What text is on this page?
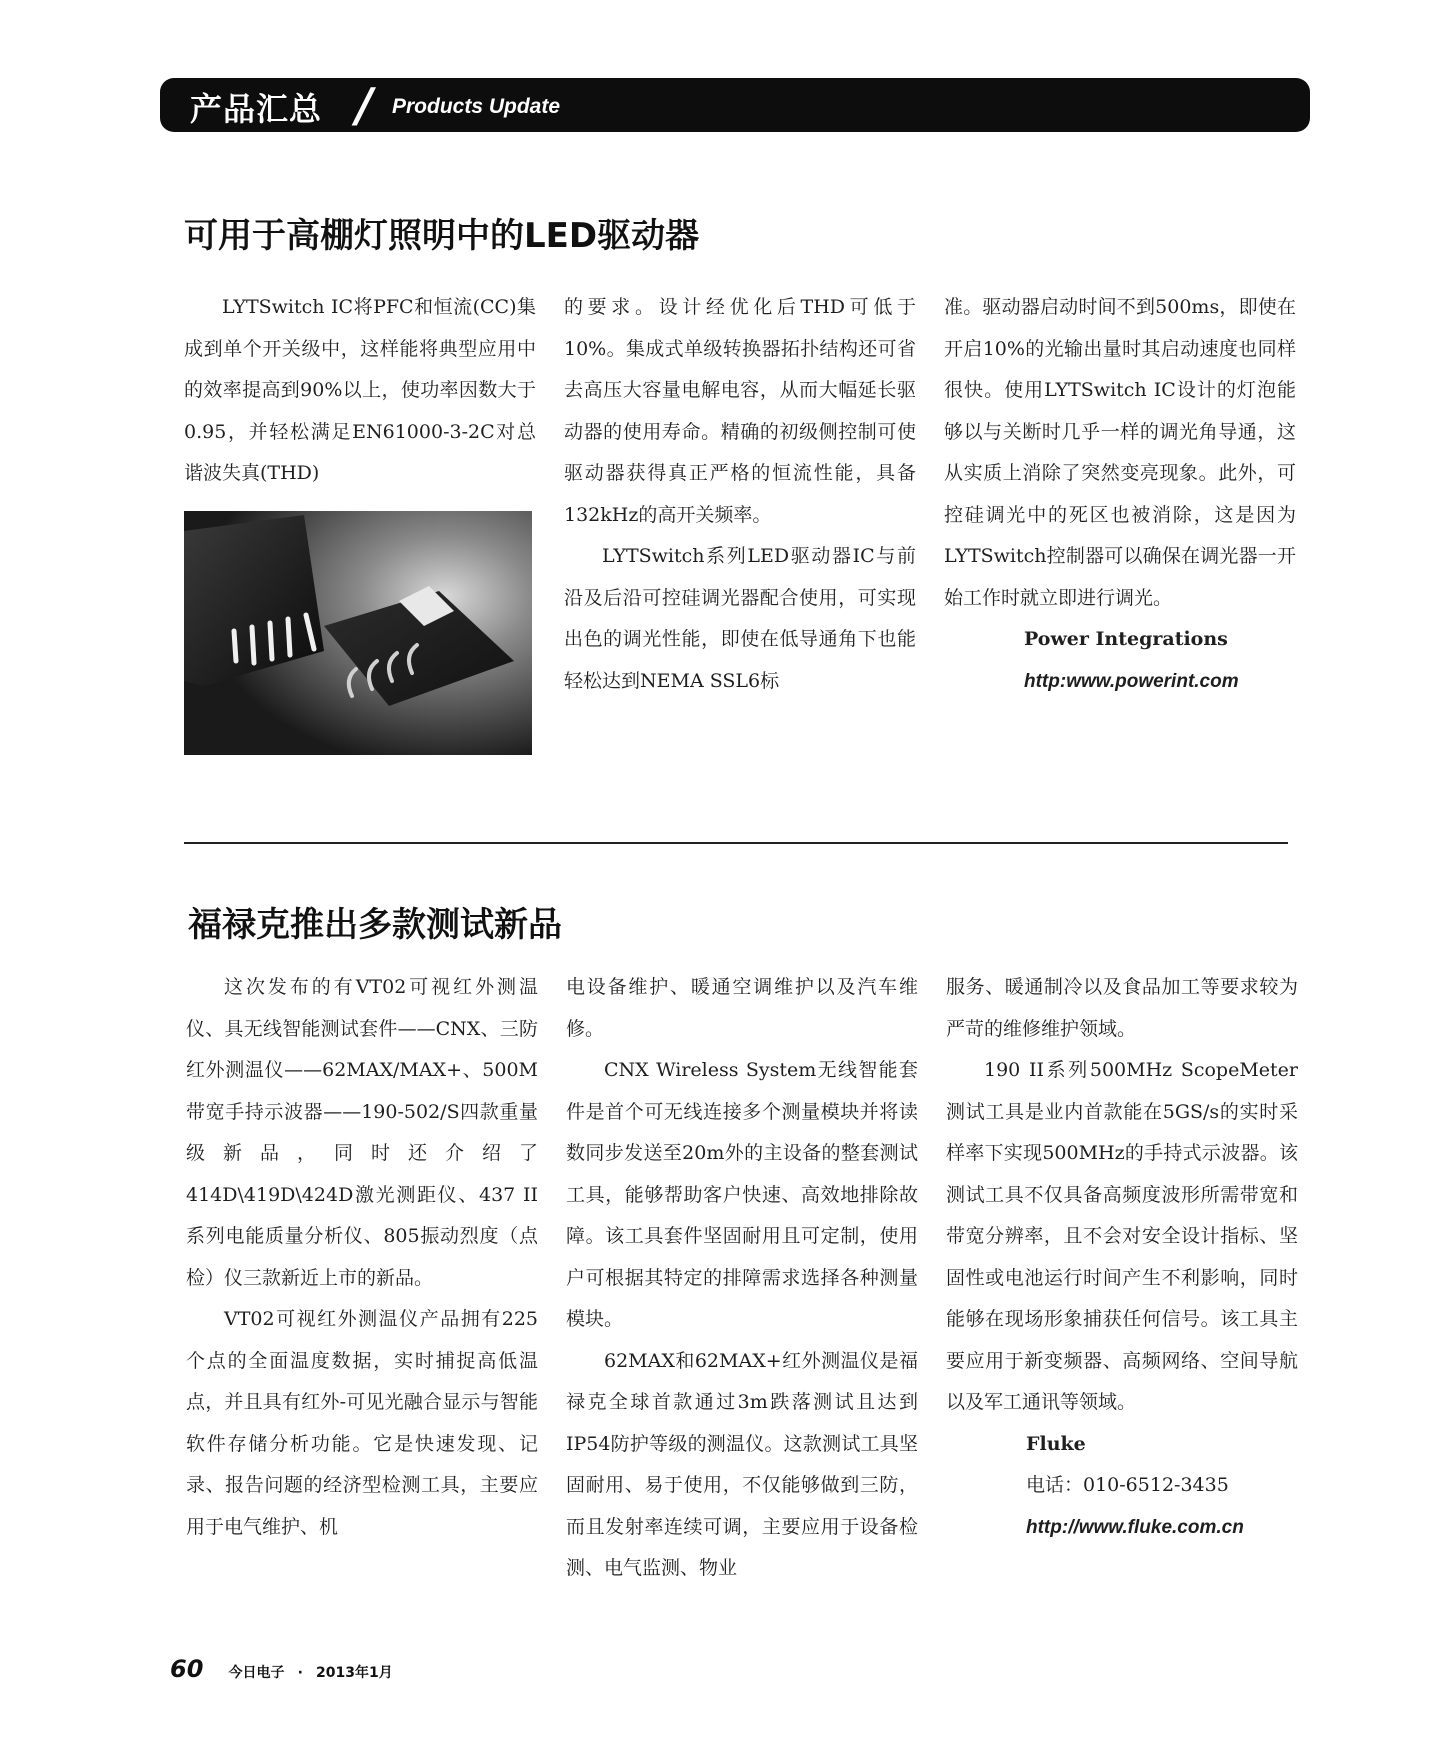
产品汇总 / Products Update
可用于高棚灯照明中的LED驱动器

LYTSwitch IC将PFC和恒流(CC)集成到单个开关级中，这样能将典型应用中的效率提高到90%以上，使功率因数大于0.95，并轻松满足EN61000-3-2C对总谐波失真(THD)

的要求。设计经优化后THD可低于10%。集成式单级转换器拓扑结构还可省去高压大容量电解电容，从而大幅延长驱动器的使用寿命。精确的初级侧控制可使驱动器获得真正严格的恒流性能，具备132kHz的高开关频率。

LYTSwitch系列LED驱动器IC与前沿及后沿可控硅调光器配合使用，可实现出色的调光性能，即使在低导通角下也能轻松达到NEMA SSL6标

准。驱动器启动时间不到500ms，即使在开启10%的光输出量时其启动速度也同样很快。使用LYTSwitch IC设计的灯泡能够以与关断时几乎一样的调光角导通，这从实质上消除了突然变亮现象。此外，可控硅调光中的死区也被消除，这是因为LYTSwitch控制器可以确保在调光器一开始工作时就立即进行调光。

Power Integrations

http:www.powerint.com

福禄克推出多款测试新品

这次发布的有VT02可视红外测温仪、具无线智能测试套件——CNX、三防红外测温仪——62MAX/MAX+、500M带宽手持示波器——190-502/S四款重量级新品，同时还介绍了414D\419D\424D激光测距仪、437 II系列电能质量分析仪、805振动烈度（点检）仪三款新近上市的新品。

VT02可视红外测温仪产品拥有225个点的全面温度数据，实时捕捉高低温点，并且具有红外-可见光融合显示与智能软件存储分析功能。它是快速发现、记录、报告问题的经济型检测工具，主要应用于电气维护、机

电设备维护、暖通空调维护以及汽车维修。

CNX Wireless System无线智能套件是首个可无线连接多个测量模块并将读数同步发送至20m外的主设备的整套测试工具，能够帮助客户快速、高效地排除故障。该工具套件坚固耐用且可定制，使用户可根据其特定的排障需求选择各种测量模块。

62MAX和62MAX+红外测温仪是福禄克全球首款通过3m跌落测试且达到IP54防护等级的测温仪。这款测试工具坚固耐用、易于使用，不仅能够做到三防，而且发射率连续可调，主要应用于设备检测、电气监测、物业

服务、暖通制冷以及食品加工等要求较为严苛的维修维护领域。

190 II系列500MHz ScopeMeter测试工具是业内首款能在5GS/s的实时采样率下实现500MHz的手持式示波器。该测试工具不仅具备高频度波形所需带宽和带宽分辨率，且不会对安全设计指标、坚固性或电池运行时间产生不利影响，同时能够在现场形象捕获任何信号。该工具主要应用于新变频器、高频网络、空间导航以及军工通讯等领域。

Fluke

电话：010-6512-3435

http://www.fluke.com.cn

60 今日电子 · 2013年1月
